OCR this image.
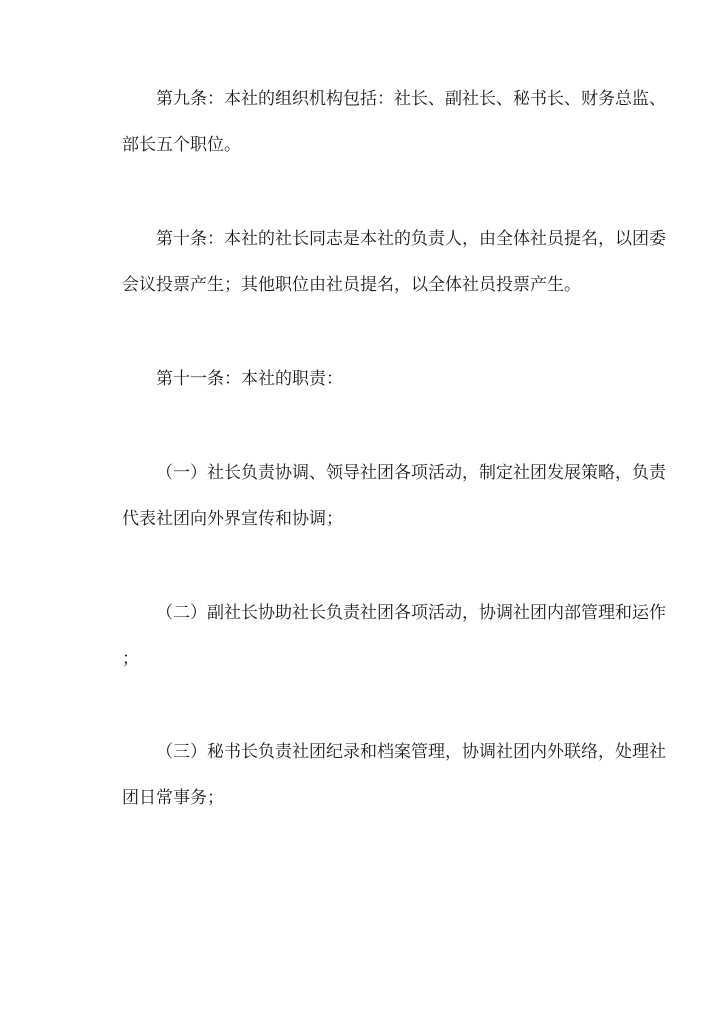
第九条：本社的组织机构包括：社长、副社长、秘书长、财务总监、
部长五个职位。
第十条：本社的社长同志是本社的负责人，由全体社员提名，以团委
会议投票产生；其他职位由社员提名，以全体社员投票产生。
第十一条：本社的职责：
（一）社长负责协调、领导社团各项活动，制定社团发展策略，负责
代表社团向外界宣传和协调；
（二）副社长协助社长负责社团各项活动，协调社团内部管理和运作
；
（三）秘书长负责社团纪录和档案管理，协调社团内外联络，处理社
团日常事务；
